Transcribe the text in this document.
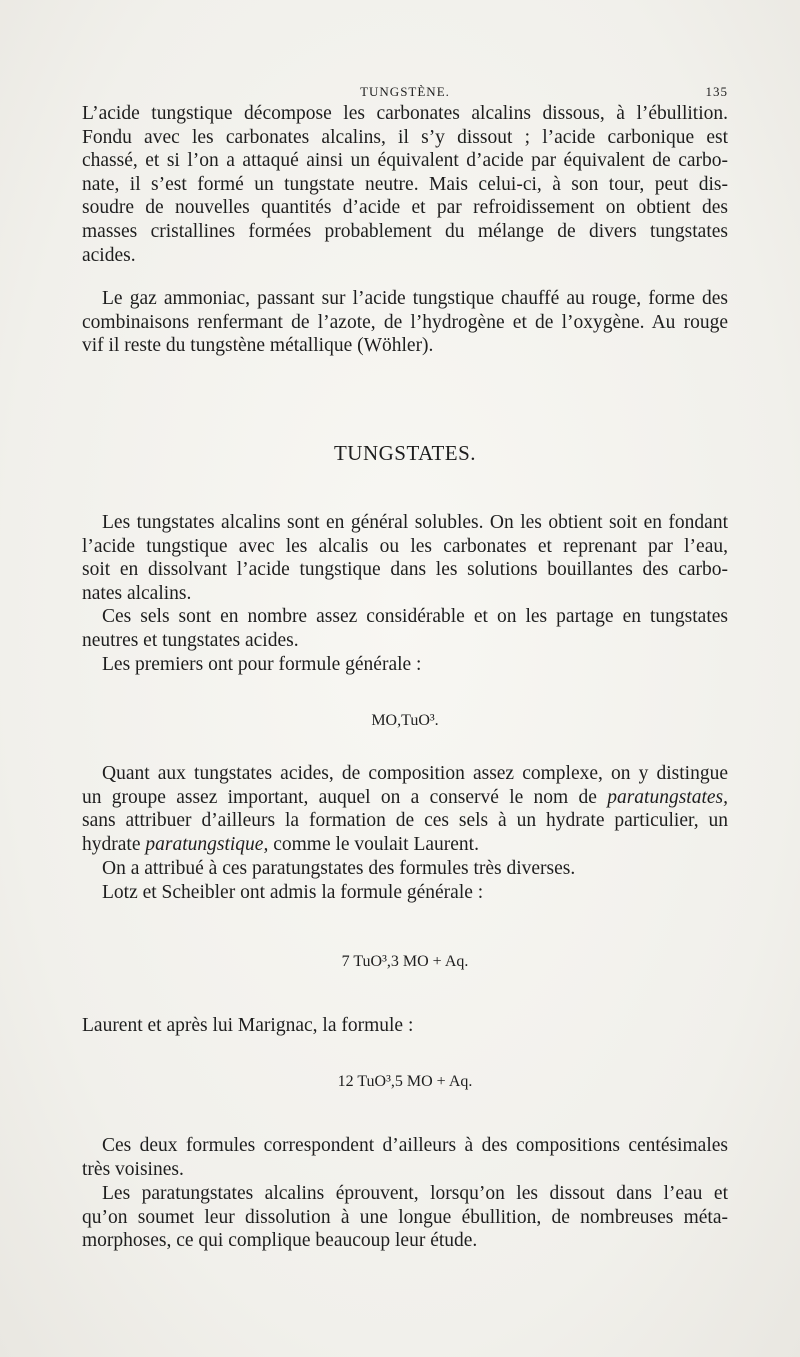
TUNGSTÈNE.	135

L’acide tungstique décompose les carbonates alcalins dissous, à l’ébullition.

Fondu avec les carbonates alcalins, il s’y dissout ; l’acide carbonique est

chassé, et si l’on a attaqué ainsi un équivalent d’acide par équivalent de carbo-

nate, il s’est formé un tungstate neutre. Mais celui-ci, à son tour, peut dis-

soudre de nouvelles quantités d’acide et par refroidissement on obtient des

masses cristallines formées probablement du mélange de divers tungstates

acides.

Le gaz ammoniac, passant sur l’acide tungstique chauffé au rouge, forme des

combinaisons renfermant de l’azote, de l’hydrogène et de l’oxygène. Au rouge

vif il reste du tungstène métallique (Wöhler).

TUNGSTATES.

Les tungstates alcalins sont en général solubles. On les obtient soit en fondant

l’acide tungstique avec les alcalis ou les carbonates et reprenant par l’eau,

soit en dissolvant l’acide tungstique dans les solutions bouillantes des carbo-

nates alcalins.

Ces sels sont en nombre assez considérable et on les partage en tungstates

neutres et tungstates acides.

Les premiers ont pour formule générale :

MO,TuO³.

Quant aux tungstates acides, de composition assez complexe, on y distingue

un groupe assez important, auquel on a conservé le nom de paratungstates,

sans attribuer d’ailleurs la formation de ces sels à un hydrate particulier, un

hydrate paratungstique, comme le voulait Laurent.

On a attribué à ces paratungstates des formules très diverses.

Lotz et Scheibler ont admis la formule générale :

7 TuO³,3 MO + Aq.

Laurent et après lui Marignac, la formule :

12 TuO³,5 MO + Aq.

Ces deux formules correspondent d’ailleurs à des compositions centésimales

très voisines.

Les paratungstates alcalins éprouvent, lorsqu’on les dissout dans l’eau et

qu’on soumet leur dissolution à une longue ébullition, de nombreuses méta-

morphoses, ce qui complique beaucoup leur étude.
